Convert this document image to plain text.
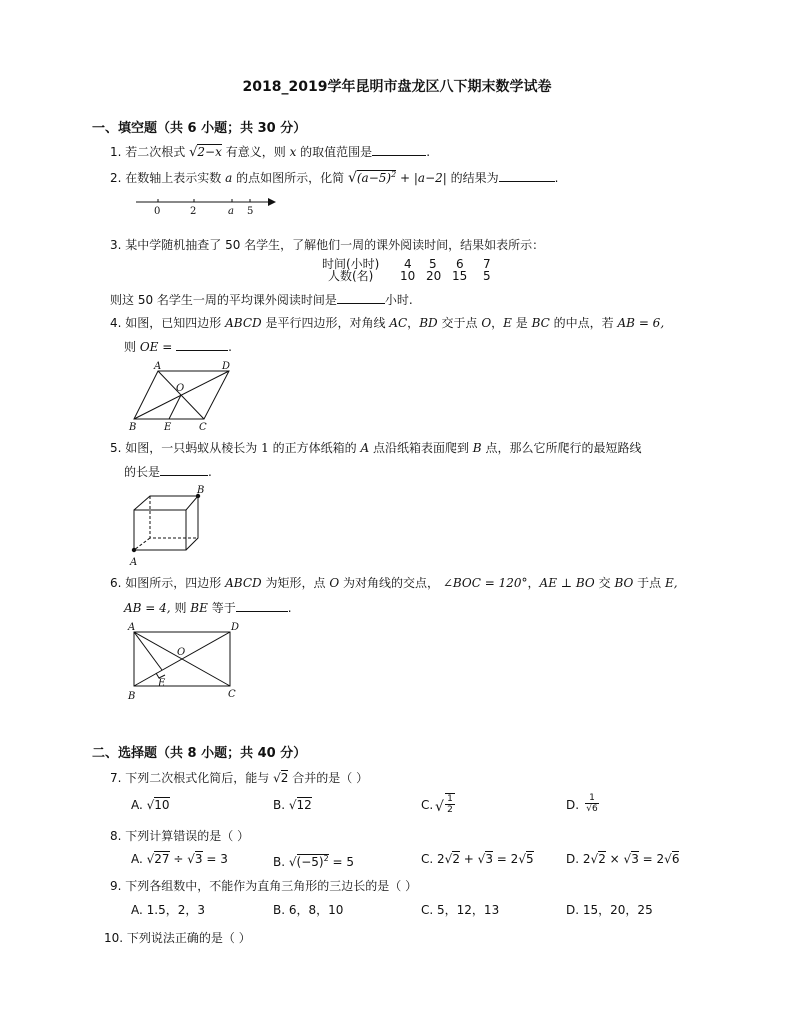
2018_2019学年昆明市盘龙区八下期末数学试卷
一、填空题（共 6 小题；共 30 分）
1. 若二次根式 √2−x 有意义，则 x 的取值范围是	.
2. 在数轴上表示实数 a 的点如图所示，化简 $√(a-5)^2 + |a-2|$ 的结果为	.
0	2	a 5
3. 某中学随机抽查了 50 名学生，了解他们一周的课外阅读时间，结果如表所示：
时间(小时) 4 5 6 7
人数(名) 10 20 15 5
则这 50 名学生一周的平均课外阅读时间是	小时.
4. 如图，已知四边形 ABCD 是平行四边形，对角线 AC，BD 交于点 O，E 是 BC 的中点，若 AB = 6,
则 OE =	.
A	D
O
B	E	C
5. 如图，一只蚂蚁从棱长为 1 的正方体纸箱的 A 点沿纸箱表面爬到 B 点，那么它所爬行的最短路线
的长是	.
B
A
6. 如图所示，四边形 ABCD 为矩形，点 O 为对角线的交点， ∠BOC = 120°，AE ⊥ BO 交 BO 于点 E,
AB = 4, 则 BE 等于	.
A	D
O
E
B	C
二、选择题（共 8 小题；共 40 分）
7. 下列二次根式化简后，能与 √2 合并的是（ ）
A. √10	B. √12	C. √ 1
2	D.	1
√6
8. 下列计算错误的是（ ）
A. √27 ÷ √3 = 3	B. $√(-5)^2 = 5$	C. 2√2 + √3 = 2√5	D. 2√2 × √3 = 2√6
9. 下列各组数中，不能作为直角三角形的三边长的是（ ）
A. 1.5，2，3	B. 6，8，10	C. 5，12，13	D. 15，20，25
10. 下列说法正确的是（ ）
